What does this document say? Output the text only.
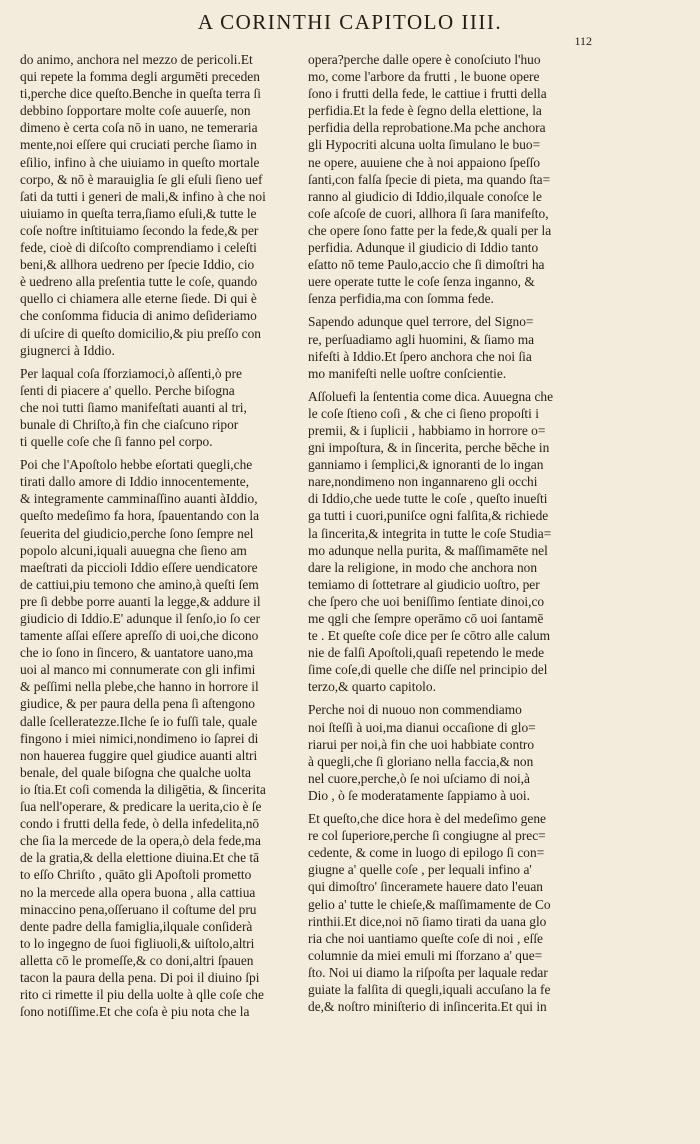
A CORINTHI CAPITOLO IIII.
112

do animo, anchora nel mezzo de pericoli.Et
qui repete la fomma degli argumēti preceden
ti,perche dice queſto.Benche in queſta terra ſi
debbino ſopportare molte coſe auuerſe, non
dimeno è certa coſa nō in uano, ne temeraria
mente,noi eſſere qui cruciati perche ſiamo in
eſilio, infino à che uiuiamo in queſto mortale
corpo, & nō è marauiglia ſe gli eſuli ſieno uef
ſati da tutti i generi de mali,& infino à che noi
uiuiamo in queſta terra,ſiamo eſuli,& tutte le
coſe noſtre inſtituiamo ſecondo la fede,& per
fede, cioè di diſcoſto comprendiamo i celeſti
beni,& allhora uedreno per ſpecie Iddio, cio
è uedreno alla preſentia tutte le coſe, quando
quello ci chiamera alle eterne ſiede. Di qui è
che conſomma fiducia di animo deſideriamo
di uſcire di queſto domicilio,& piu preſſo con
giugnerci à Iddio.

Per laqual coſa ſforziamoci,ò aſſenti,ò pre
ſenti di piacere a' quello. Perche biſogna
che noi tutti ſiamo manifeſtati auanti al tri,
bunale di Chriſto,à fin che ciaſcuno ripor
ti quelle coſe che ſi fanno pel corpo.

Poi che l'Apoſtolo hebbe eſortati quegli,che
tirati dallo amore di Iddio innocentemente,
& integramente camminaſſino auanti àIddio,
queſto medeſimo fa hora, ſpauentando con la
ſeuerita del giudicio,perche ſono ſempre nel
popolo alcuni,iquali auuegna che ſieno am
maeſtrati da piccioli Iddio eſſere uendicatore
de cattiui,piu temono che amino,à queſti ſem
pre ſi debbe porre auanti la legge,& addure il
giudicio di Iddio.E' adunque il ſenſo,io ſo cer
tamente aſſai eſſere apreſſo di uoi,che dicono
che io ſono in ſincero, & uantatore uano,ma
uoi al manco mi connumerate con gli infimi
& peſſimi nella plebe,che hanno in horrore il
giudice, & per paura della pena ſi aſtengono
dalle ſcelleratezze.Ilche ſe io fuſſi tale, quale
fingono i miei nimici,nondimeno io ſaprei di
non hauerea fuggire quel giudice auanti altri
benale, del quale biſogna che qualche uolta
io ſtia.Et coſi comenda la diligētia, & ſincerita
ſua nell'operare, & predicare la uerita,cio è ſe
condo i frutti della fede, ò della infedelita,nō
che ſia la mercede de la opera,ò dela fede,ma
de la gratia,& della elettione diuina.Et che tā
to eſſo Chriſto , quāto gli Apoſtoli prometto
no la mercede alla opera buona , alla cattiua
minaccino pena,oſſeruano il coſtume del pru
dente padre della famiglia,ilquale conſiderà
to lo ingegno de ſuoi figliuoli,& uiſtolo,altri
alletta cō le promeſſe,& co doni,altri ſpauen
tacon la paura della pena. Di poi il diuino ſpi
rito ci rimette il piu della uolte à qlle coſe che
ſono notiſſime.Et che coſa è piu nota che la

opera?perche dalle opere è conoſciuto l'huo
mo, come l'arbore da frutti , le buone opere
ſono i frutti della fede, le cattiue i frutti della
perfidia.Et la fede è ſegno della elettione, la
perfidia della reprobatione.Ma pche anchora
gli Hypocriti alcuna uolta ſimulano le buo=
ne opere, auuiene che à noi appaiono ſpeſſo
ſanti,con falſa ſpecie di pieta, ma quando ſta=
ranno al giudicio di Iddio,ilquale conoſce le
coſe aſcoſe de cuori, allhora ſi ſara manifeſto,
che opere ſono fatte per la fede,& quali per la
perfidia. Adunque il giudicio di Iddio tanto
eſatto nō teme Paulo,accio che ſi dimoſtri ha
uere operate tutte le coſe ſenza inganno, &
ſenza perfidia,ma con ſomma fede.

Sapendo adunque quel terrore, del Signo=
re, perſuadiamo agli huomini, & ſiamo ma
nifeſti à Iddio.Et ſpero anchora che noi ſia
mo manifeſti nelle uoſtre conſcientie.

Aſſoluefi la ſententia come dica. Auuegna che
le coſe ſtieno coſi , & che ci ſieno propoſti i
premii, & i ſuplicii , habbiamo in horrore o=
gni impoſtura, & in ſincerita, perche bēche in
ganniamo i ſemplici,& ignoranti de lo ingan
nare,nondimeno non ingannareno gli occhi
di Iddio,che uede tutte le coſe , queſto inueſti
ga tutti i cuori,puniſce ogni falſita,& richiede
la ſincerita,& integrita in tutte le coſe Studia=
mo adunque nella purita, & maſſimamēte nel
dare la religione, in modo che anchora non
temiamo di ſottetrare al giudicio uoſtro, per
che ſpero che uoi beniſſimo ſentiate dinoi,co
me qgli che ſempre operāmo cō uoi ſantamē
te . Et queſte coſe dice per ſe cōtro alle calum
nie de falſi Apoſtoli,quaſi repetendo le mede
ſime coſe,di quelle che diſſe nel principio del
terzo,& quarto capitolo.

Perche noi di nuouo non commendiamo
noi ſteſſi à uoi,ma dianui occaſione di glo=
riarui per noi,à fin che uoi habbiate contro
à quegli,che ſi gloriano nella faccia,& non
nel cuore,perche,ò ſe noi uſciamo di noi,à
Dio , ò ſe moderatamente ſappiamo à uoi.

Et queſto,che dice hora è del medeſimo gene
re col ſuperiore,perche ſi congiugne al prec=
cedente, & come in luogo di epilogo ſi con=
giugne a' quelle coſe , per lequali infino a'
qui dimoſtro' ſinceramete hauere dato l'euan
gelio a' tutte le chieſe,& maſſimamente de Co
rinthii.Et dice,noi nō ſiamo tirati da uana glo
ria che noi uantiamo queſte coſe di noi , eſſe
columnie da miei emuli mi ſforzano a' que=
ſto. Noi ui diamo la riſpoſta per laquale redar
guiate la falſita di quegli,iquali accuſano la fe
de,& noſtro miniſterio di inſincerita.Et qui in
